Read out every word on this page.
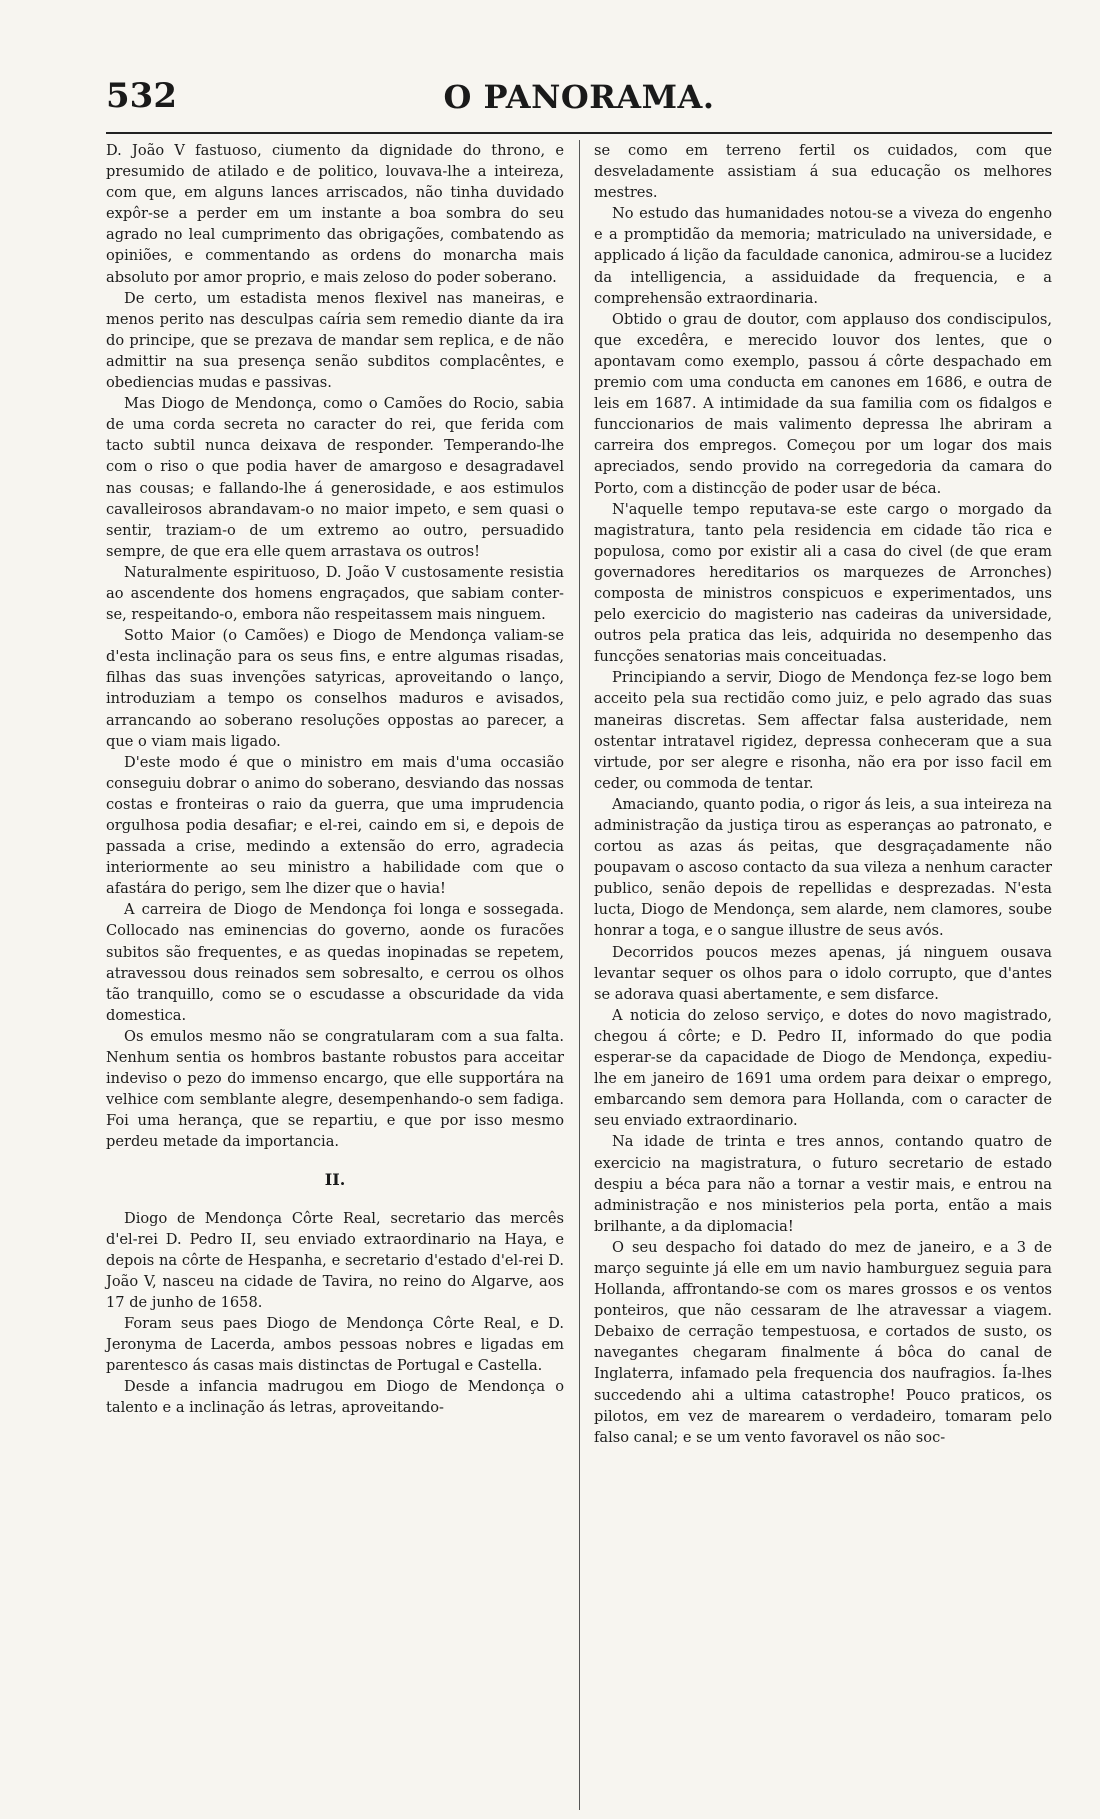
532	O PANORAMA.

D. João V fastuoso, ciumento da dignidade do throno, e presumido de atilado e de politico, louvava-lhe a inteireza, com que, em alguns lances arriscados, não tinha duvidado expôr-se a perder em um instante a boa sombra do seu agrado no leal cumprimento das obrigações, combatendo as opiniões, e commentando as ordens do monarcha mais absoluto por amor proprio, e mais zeloso do poder soberano.

De certo, um estadista menos flexivel nas maneiras, e menos perito nas desculpas caíria sem remedio diante da ira do principe, que se prezava de mandar sem replica, e de não admittir na sua presença senão subditos complacêntes, e obediencias mudas e passivas.

Mas Diogo de Mendonça, como o Camões do Rocio, sabia de uma corda secreta no caracter do rei, que ferida com tacto subtil nunca deixava de responder. Temperando-lhe com o riso o que podia haver de amargoso e desagradavel nas cousas; e fallando-lhe á generosidade, e aos estimulos cavalleirosos abrandavam-o no maior impeto, e sem quasi o sentir, traziam-o de um extremo ao outro, persuadido sempre, de que era elle quem arrastava os outros!

Naturalmente espirituoso, D. João V custosamente resistia ao ascendente dos homens engraçados, que sabiam conter-se, respeitando-o, embora não respeitassem mais ninguem.

Sotto Maior (o Camões) e Diogo de Mendonça valiam-se d'esta inclinação para os seus fins, e entre algumas risadas, filhas das suas invenções satyricas, aproveitando o lanço, introduziam a tempo os conselhos maduros e avisados, arrancando ao soberano resoluções oppostas ao parecer, a que o viam mais ligado.

D'este modo é que o ministro em mais d'uma occasião conseguiu dobrar o animo do soberano, desviando das nossas costas e fronteiras o raio da guerra, que uma imprudencia orgulhosa podia desafiar; e el-rei, caindo em si, e depois de passada a crise, medindo a extensão do erro, agradecia interiormente ao seu ministro a habilidade com que o afastára do perigo, sem lhe dizer que o havia!

A carreira de Diogo de Mendonça foi longa e sossegada. Collocado nas eminencias do governo, aonde os furacões subitos são frequentes, e as quedas inopinadas se repetem, atravessou dous reinados sem sobresalto, e cerrou os olhos tão tranquillo, como se o escudasse a obscuridade da vida domestica.

Os emulos mesmo não se congratularam com a sua falta. Nenhum sentia os hombros bastante robustos para acceitar indeviso o pezo do immenso encargo, que elle supportára na velhice com semblante alegre, desempenhando-o sem fadiga. Foi uma herança, que se repartiu, e que por isso mesmo perdeu metade da importancia.

II.

Diogo de Mendonça Côrte Real, secretario das mercês d'el-rei D. Pedro II, seu enviado extraordinario na Haya, e depois na côrte de Hespanha, e secretario d'estado d'el-rei D. João V, nasceu na cidade de Tavira, no reino do Algarve, aos 17 de junho de 1658.

Foram seus paes Diogo de Mendonça Côrte Real, e D. Jeronyma de Lacerda, ambos pessoas nobres e ligadas em parentesco ás casas mais distinctas de Portugal e Castella.

Desde a infancia madrugou em Diogo de Mendonça o talento e a inclinação ás letras, aproveitando-

se como em terreno fertil os cuidados, com que desveladamente assistiam á sua educação os melhores mestres.

No estudo das humanidades notou-se a viveza do engenho e a promptidão da memoria; matriculado na universidade, e applicado á lição da faculdade canonica, admirou-se a lucidez da intelligencia, a assiduidade da frequencia, e a comprehensão extraordinaria.

Obtido o grau de doutor, com applauso dos condiscipulos, que excedêra, e merecido louvor dos lentes, que o apontavam como exemplo, passou á côrte despachado em premio com uma conducta em canones em 1686, e outra de leis em 1687. A intimidade da sua familia com os fidalgos e funccionarios de mais valimento depressa lhe abriram a carreira dos empregos. Começou por um logar dos mais apreciados, sendo provido na corregedoria da camara do Porto, com a distincção de poder usar de béca.

N'aquelle tempo reputava-se este cargo o morgado da magistratura, tanto pela residencia em cidade tão rica e populosa, como por existir ali a casa do civel (de que eram governadores hereditarios os marquezes de Arronches) composta de ministros conspicuos e experimentados, uns pelo exercicio do magisterio nas cadeiras da universidade, outros pela pratica das leis, adquirida no desempenho das funcções senatorias mais conceituadas.

Principiando a servir, Diogo de Mendonça fez-se logo bem acceito pela sua rectidão como juiz, e pelo agrado das suas maneiras discretas. Sem affectar falsa austeridade, nem ostentar intratavel rigidez, depressa conheceram que a sua virtude, por ser alegre e risonha, não era por isso facil em ceder, ou commoda de tentar.

Amaciando, quanto podia, o rigor ás leis, a sua inteireza na administração da justiça tirou as esperanças ao patronato, e cortou as azas ás peitas, que desgraçadamente não poupavam o ascoso contacto da sua vileza a nenhum caracter publico, senão depois de repellidas e desprezadas. N'esta lucta, Diogo de Mendonça, sem alarde, nem clamores, soube honrar a toga, e o sangue illustre de seus avós.

Decorridos poucos mezes apenas, já ninguem ousava levantar sequer os olhos para o idolo corrupto, que d'antes se adorava quasi abertamente, e sem disfarce.

A noticia do zeloso serviço, e dotes do novo magistrado, chegou á côrte; e D. Pedro II, informado do que podia esperar-se da capacidade de Diogo de Mendonça, expediu-lhe em janeiro de 1691 uma ordem para deixar o emprego, embarcando sem demora para Hollanda, com o caracter de seu enviado extraordinario.

Na idade de trinta e tres annos, contando quatro de exercicio na magistratura, o futuro secretario de estado despiu a béca para não a tornar a vestir mais, e entrou na administração e nos ministerios pela porta, então a mais brilhante, a da diplomacia!

O seu despacho foi datado do mez de janeiro, e a 3 de março seguinte já elle em um navio hamburguez seguia para Hollanda, affrontando-se com os mares grossos e os ventos ponteiros, que não cessaram de lhe atravessar a viagem. Debaixo de cerração tempestuosa, e cortados de susto, os navegantes chegaram finalmente á bôca do canal de Inglaterra, infamado pela frequencia dos naufragios. Ía-lhes succedendo ahi a ultima catastrophe! Pouco praticos, os pilotos, em vez de marearem o verdadeiro, tomaram pelo falso canal; e se um vento favoravel os não soc-
